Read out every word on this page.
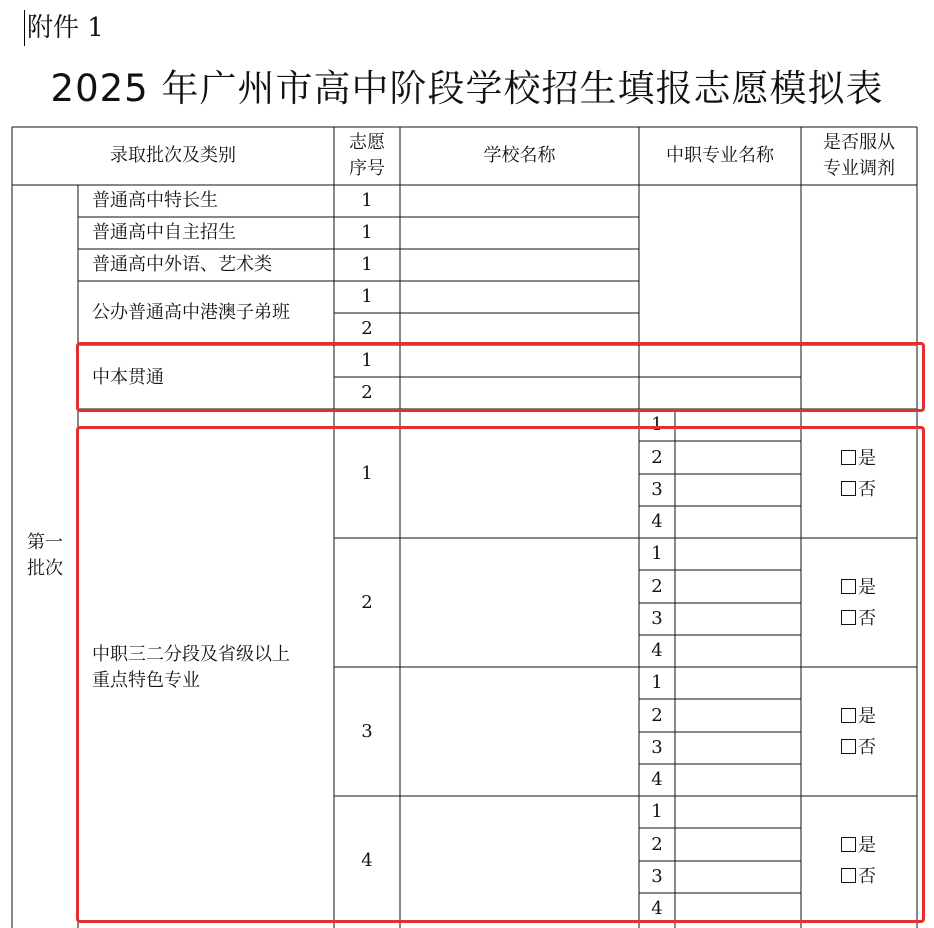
附件 1
2025 年广州市高中阶段学校招生填报志愿模拟表
录取批次及类别
志愿
序号
学校名称	中职专业名称
是否服从
专业调剂
第一
批次
普通高中特长生
普通高中自主招生
普通高中外语、艺术类
公办普通高中港澳子弟班
中本贯通
中职三二分段及省级以上
重点特色专业
1
1
1
1
2
1
2
1
2
3
4
1
2
3
4
1
2
3
4
1
2
3
4
1
2
3
4
是
否
是
否
是
否
是
否
